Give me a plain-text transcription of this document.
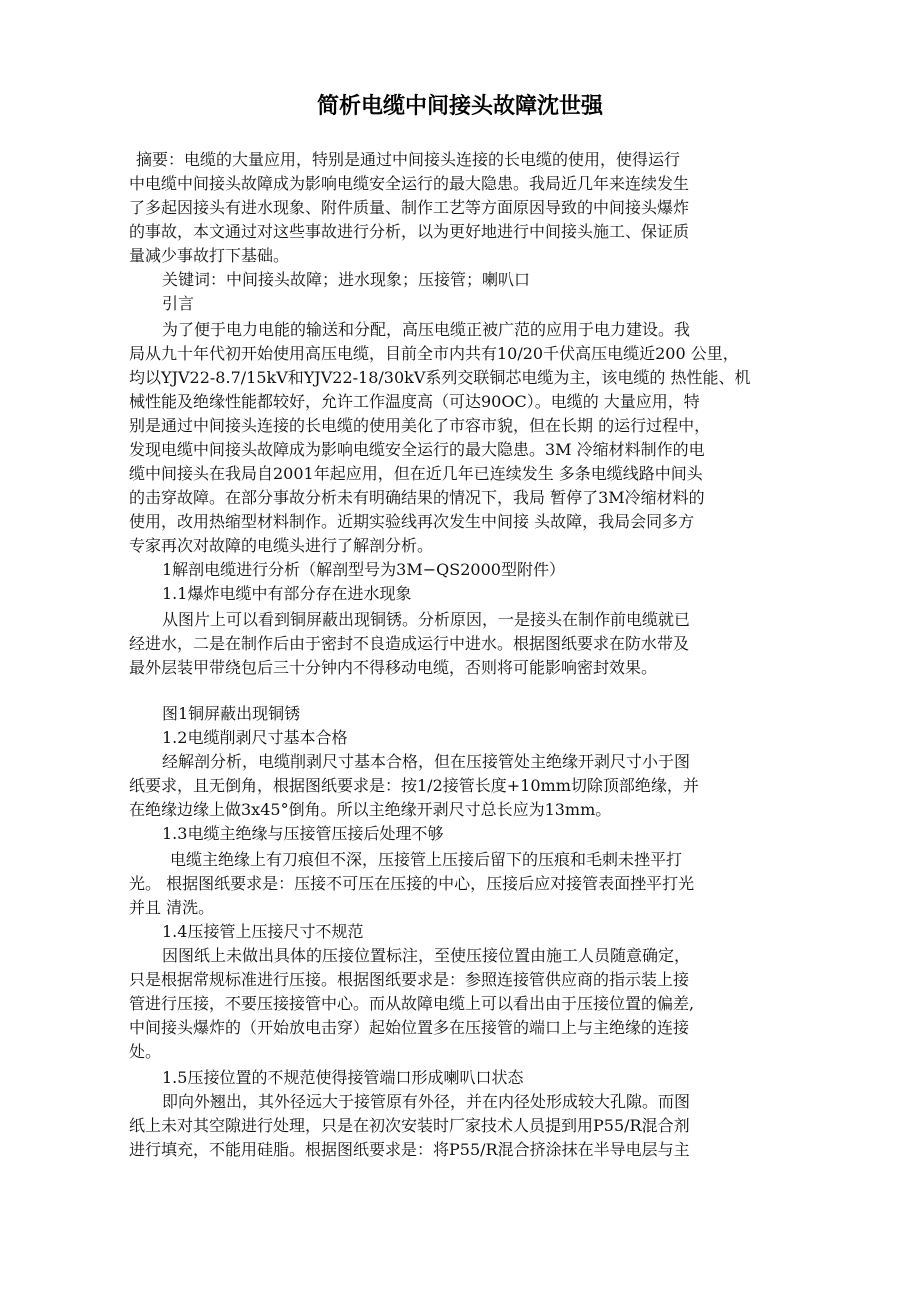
简析电缆中间接头故障沈世强

摘要：电缆的大量应用，特别是通过中间接头连接的长电缆的使用，使得运行

中电缆中间接头故障成为影响电缆安全运行的最大隐患。我局近几年来连续发生

了多起因接头有进水现象、附件质量、制作工艺等方面原因导致的中间接头爆炸

的事故，本文通过对这些事故进行分析，以为更好地进行中间接头施工、保证质

量减少事故打下基础。

关键词：中间接头故障；进水现象；压接管；喇叭口

引言

为了便于电力电能的输送和分配，高压电缆正被广范的应用于电力建设。我

局从九十年代初开始使用高压电缆，目前全市内共有10/20千伏高压电缆近200 公里，

均以YJV22-8.7/15kV和YJV22-18/30kV系列交联铜芯电缆为主，该电缆的 热性能、机

械性能及绝缘性能都较好，允许工作温度高（可达90OC）。电缆的 大量应用，特

别是通过中间接头连接的长电缆的使用美化了市容市貌，但在长期 的运行过程中，

发现电缆中间接头故障成为影响电缆安全运行的最大隐患。3M 冷缩材料制作的电

缆中间接头在我局自2001年起应用，但在近几年已连续发生 多条电缆线路中间头

的击穿故障。在部分事故分析未有明确结果的情况下，我局 暂停了3M冷缩材料的

使用，改用热缩型材料制作。近期实验线再次发生中间接 头故障，我局会同多方

专家再次对故障的电缆头进行了解剖分析。

1解剖电缆进行分析（解剖型号为3M−QS2000型附件）

1.1爆炸电缆中有部分存在进水现象

从图片上可以看到铜屏蔽出现铜锈。分析原因，一是接头在制作前电缆就已

经进水，二是在制作后由于密封不良造成运行中进水。根据图纸要求在防水带及

最外层装甲带绕包后三十分钟内不得移动电缆，否则将可能影响密封效果。

图1铜屏蔽出现铜锈

1.2电缆削剥尺寸基本合格

经解剖分析，电缆削剥尺寸基本合格，但在压接管处主绝缘开剥尺寸小于图

纸要求，且无倒角，根据图纸要求是：按1/2接管长度+10mm切除顶部绝缘，并

在绝缘边缘上做3x45°倒角。所以主绝缘开剥尺寸总长应为13mm。

1.3电缆主绝缘与压接管压接后处理不够

电缆主绝缘上有刀痕但不深，压接管上压接后留下的压痕和毛刺未挫平打

光。 根据图纸要求是：压接不可压在压接的中心，压接后应对接管表面挫平打光

并且 清洗。

1.4压接管上压接尺寸不规范

因图纸上未做出具体的压接位置标注，至使压接位置由施工人员随意确定，

只是根据常规标准进行压接。根据图纸要求是：参照连接管供应商的指示装上接

管进行压接，不要压接接管中心。而从故障电缆上可以看出由于压接位置的偏差,

中间接头爆炸的（开始放电击穿）起始位置多在压接管的端口上与主绝缘的连接

处。

1.5压接位置的不规范使得接管端口形成喇叭口状态

即向外翘出，其外径远大于接管原有外径，并在内径处形成较大孔隙。而图

纸上未对其空隙进行处理，只是在初次安装时厂家技术人员提到用P55/R混合剂

进行填充，不能用硅脂。根据图纸要求是：将P55/R混合挤涂抹在半导电层与主
